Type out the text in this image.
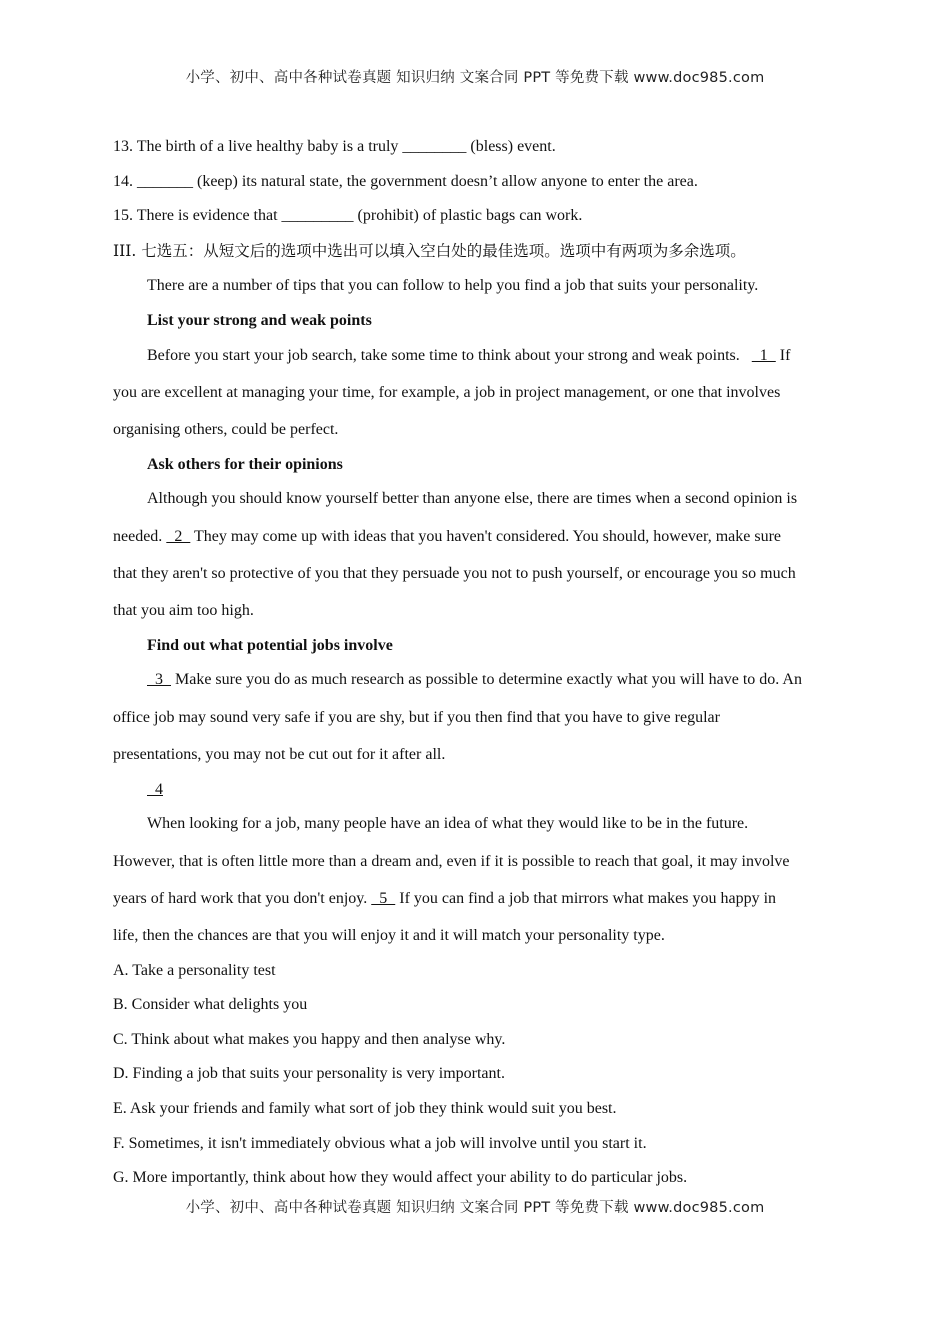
小学、初中、高中各种试卷真题 知识归纳 文案合同 PPT 等免费下载 www.doc985.com
13. The birth of a live healthy baby is a truly ________ (bless) event.
14. _______ (keep) its natural state, the government doesn’t allow anyone to enter the area.
15. There is evidence that _________ (prohibit) of plastic bags can work.
III. 七选五：从短文后的选项中选出可以填入空白处的最佳选项。选项中有两项为多余选项。
There are a number of tips that you can follow to help you find a job that suits your personality.
List your strong and weak points
Before you start your job search, take some time to think about your strong and weak points.     1   If
you are excellent at managing your time, for example, a job in project management, or one that involves
organising others, could be perfect.
Ask others for their opinions
Although you should know yourself better than anyone else, there are times when a second opinion is
needed.   2   They may come up with ideas that you haven't considered. You should, however, make sure
that they aren't so protective of you that they persuade you not to push yourself, or encourage you so much
that you aim too high.
Find out what potential jobs involve
3   Make sure you do as much research as possible to determine exactly what you will have to do. An
office job may sound very safe if you are shy, but if you then find that you have to give regular
presentations, you may not be cut out for it after all.
4
When looking for a job, many people have an idea of what they would like to be in the future.
However, that is often little more than a dream and, even if it is possible to reach that goal, it may involve
years of hard work that you don't enjoy.   5   If you can find a job that mirrors what makes you happy in
life, then the chances are that you will enjoy it and it will match your personality type.
A. Take a personality test
B. Consider what delights you
C. Think about what makes you happy and then analyse why.
D. Finding a job that suits your personality is very important.
E. Ask your friends and family what sort of job they think would suit you best.
F. Sometimes, it isn't immediately obvious what a job will involve until you start it.
G. More importantly, think about how they would affect your ability to do particular jobs.
小学、初中、高中各种试卷真题 知识归纳 文案合同 PPT 等免费下载 www.doc985.com
